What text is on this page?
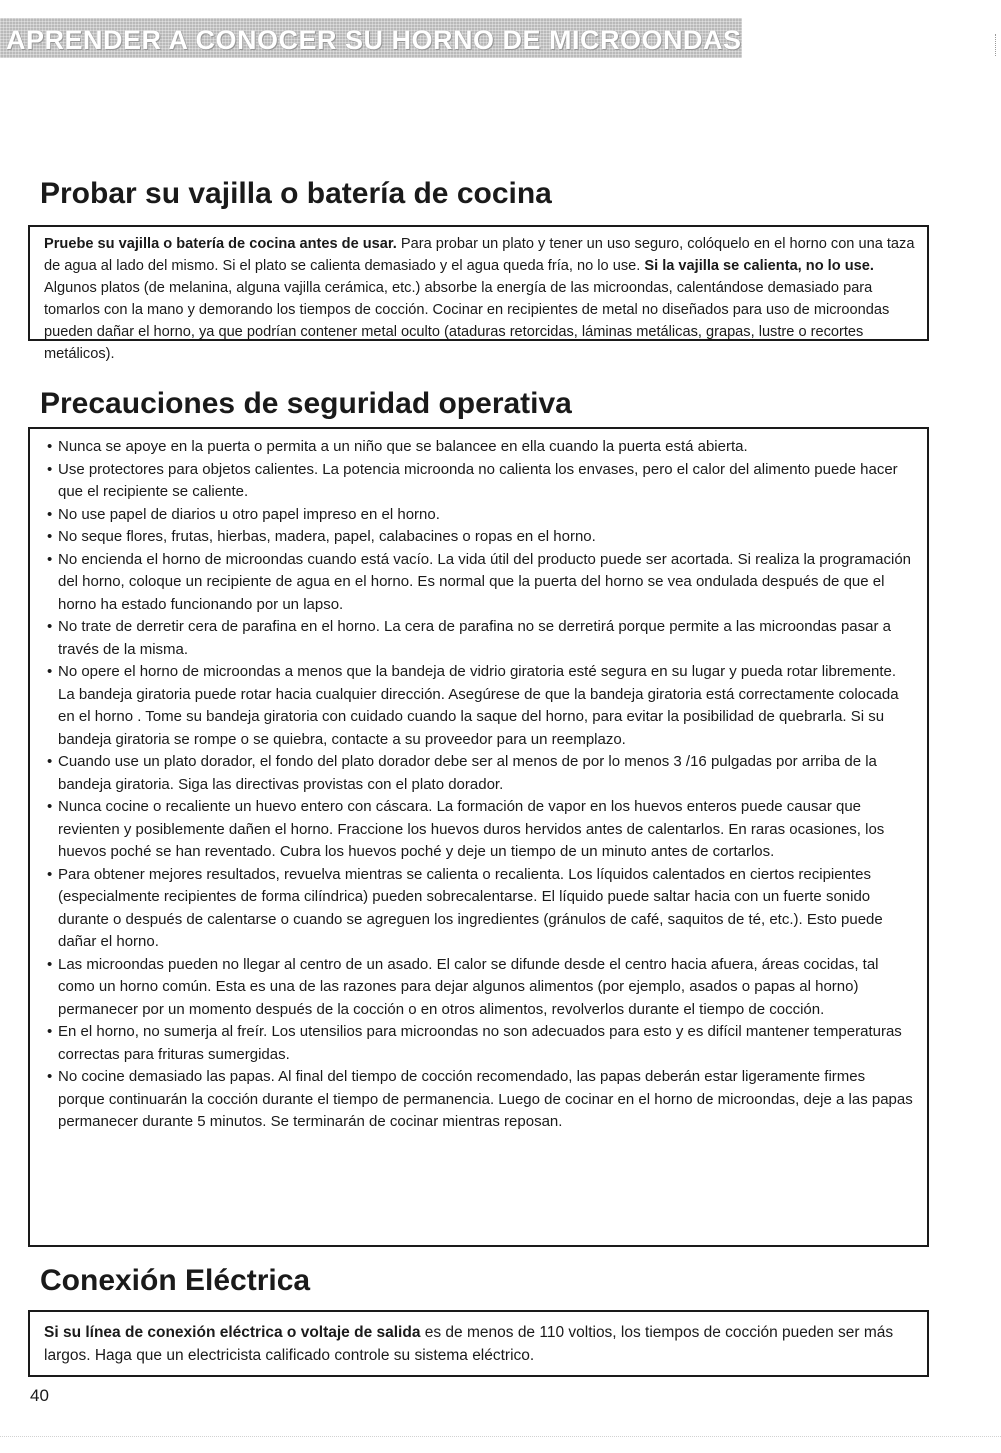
APRENDER A CONOCER SU HORNO DE MICROONDAS
Probar su vajilla o batería de cocina

Pruebe su vajilla o batería de cocina antes de usar. Para probar un plato y tener un uso seguro, colóquelo en el horno con una taza de agua al lado del mismo. Si el plato se calienta demasiado y el agua queda fría, no lo use. Si la vajilla se calienta, no lo use. Algunos platos (de melanina, alguna vajilla cerámica, etc.) absorbe la energía de las microondas, calentándose demasiado para tomarlos con la mano y demorando los tiempos de cocción. Cocinar en recipientes de metal no diseñados para uso de microondas pueden dañar el horno, ya que podrían contener metal oculto (ataduras retorcidas, láminas metálicas, grapas, lustre o recortes metálicos).

Precauciones de seguridad operativa
• Nunca se apoye en la puerta o permita a un niño que se balancee en ella cuando la puerta está abierta.
• Use protectores para objetos calientes. La potencia microonda no calienta los envases, pero el calor del alimento puede hacer que el recipiente se caliente.
• No use papel de diarios u otro papel impreso en el horno.
• No seque flores, frutas, hierbas, madera, papel, calabacines o ropas en el horno.
• No encienda el horno de microondas cuando está vacío. La vida útil del producto puede ser acortada. Si realiza la programación del horno, coloque un recipiente de agua en el horno. Es normal que la puerta del horno se vea ondulada después de que el horno ha estado funcionando por un lapso.
• No trate de derretir cera de parafina en el horno. La cera de parafina no se derretirá porque permite a las microondas pasar a través de la misma.
• No opere el horno de microondas a menos que la bandeja de vidrio giratoria esté segura en su lugar y pueda rotar libremente. La bandeja giratoria puede rotar hacia cualquier dirección. Asegúrese de que la bandeja giratoria está correctamente colocada en el horno . Tome su bandeja giratoria con cuidado cuando la saque del horno, para evitar la posibilidad de quebrarla. Si su bandeja giratoria se rompe o se quiebra, contacte a su proveedor para un reemplazo.
• Cuando use un plato dorador, el fondo del plato dorador debe ser al menos de por lo menos 3 /16 pulgadas por arriba de la bandeja giratoria. Siga las directivas provistas con el plato dorador.
• Nunca cocine o recaliente un huevo entero con cáscara. La formación de vapor en los huevos enteros puede causar que revienten y posiblemente dañen el horno. Fraccione los huevos duros hervidos antes de calentarlos. En raras ocasiones, los huevos poché se han reventado. Cubra los huevos poché y deje un tiempo de un minuto antes de cortarlos.
• Para obtener mejores resultados, revuelva mientras se calienta o recalienta. Los líquidos calentados en ciertos recipientes (especialmente recipientes de forma cilíndrica) pueden sobrecalentarse. El líquido puede saltar hacia con un fuerte sonido durante o después de calentarse o cuando se agreguen los ingredientes (gránulos de café, saquitos de té, etc.). Esto puede dañar el horno.
• Las microondas pueden no llegar al centro de un asado. El calor se difunde desde el centro hacia afuera, áreas cocidas, tal como un horno común. Esta es una de las razones para dejar algunos alimentos (por ejemplo, asados o papas al horno) permanecer por un momento después de la cocción o en otros alimentos, revolverlos durante el tiempo de cocción.
• En el horno, no sumerja al freír. Los utensilios para microondas no son adecuados para esto y es difícil mantener temperaturas correctas para frituras sumergidas.
• No cocine demasiado las papas. Al final del tiempo de cocción recomendado, las papas deberán estar ligeramente firmes porque continuarán la cocción durante el tiempo de permanencia. Luego de cocinar en el horno de microondas, deje a las papas permanecer durante 5 minutos. Se terminarán de cocinar mientras reposan.
Conexión Eléctrica

Si su línea de conexión eléctrica o voltaje de salida es de menos de 110 voltios, los tiempos de cocción pueden ser más largos. Haga que un electricista calificado controle su sistema eléctrico.

40
